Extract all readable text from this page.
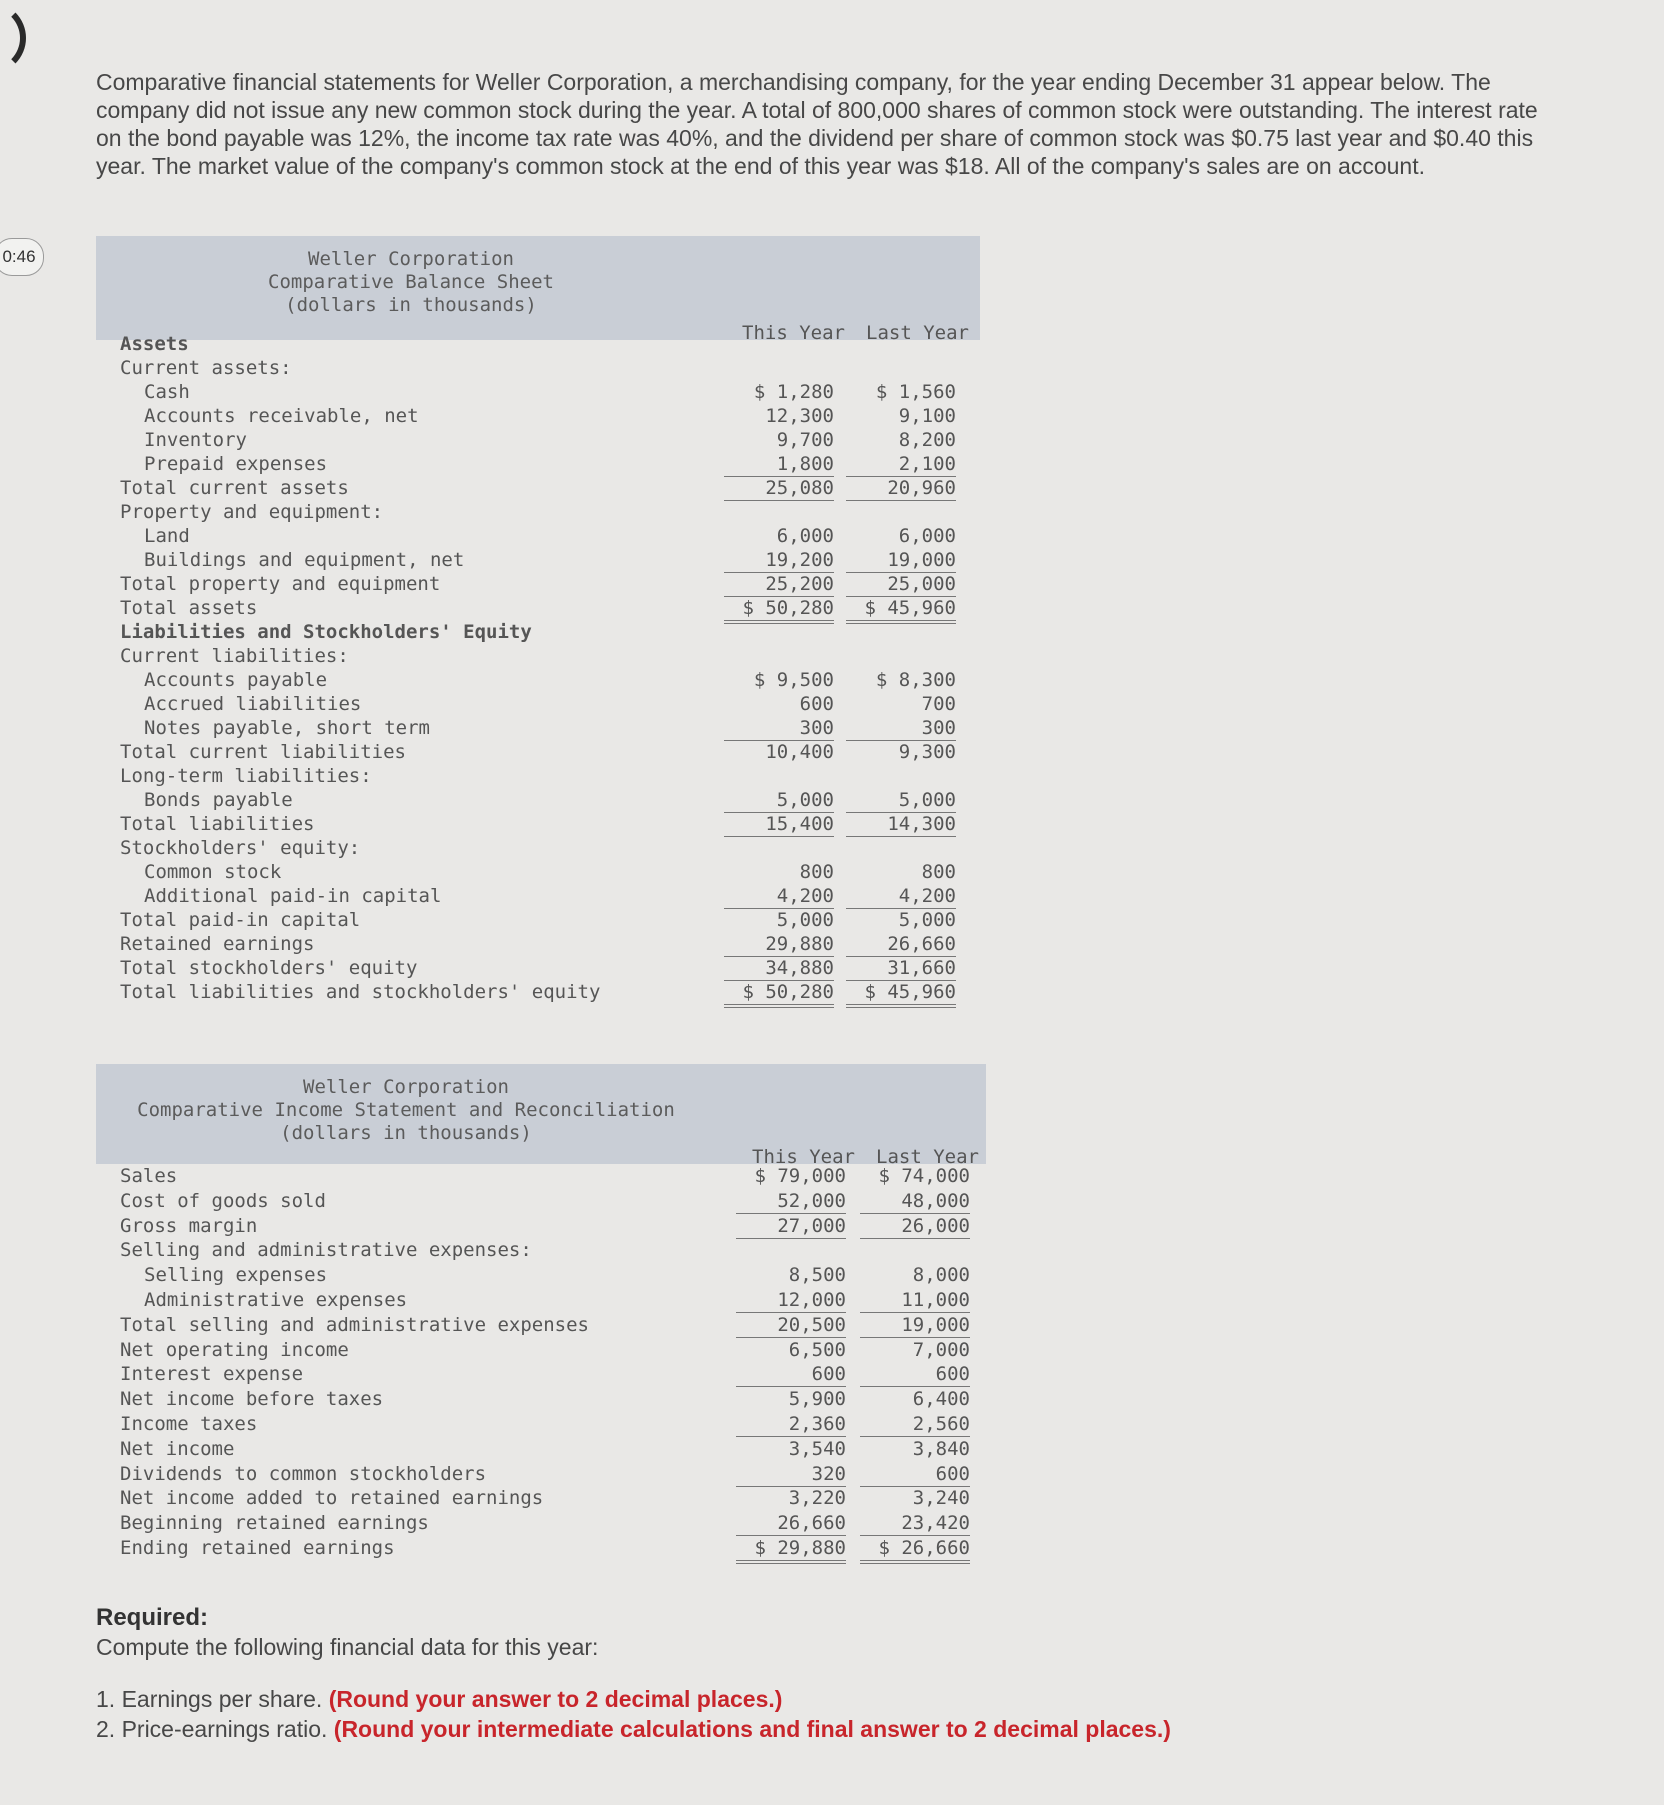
0:46
Comparative financial statements for Weller Corporation, a merchandising company, for the year ending December 31 appear below. The company did not issue any new common stock during the year. A total of 800,000 shares of common stock were outstanding. The interest rate on the bond payable was 12%, the income tax rate was 40%, and the dividend per share of common stock was $0.75 last year and $0.40 this year. The market value of the company's common stock at the end of this year was $18. All of the company's sales are on account.
Weller Corporation
Comparative Balance Sheet
(dollars in thousands)
This Year Last Year
Assets
Current assets:
Cash	$ 1,280	$ 1,560
Accounts receivable, net	12,300	9,100
Inventory	9,700	8,200
Prepaid expenses	1,800	2,100
Total current assets	25,080	20,960
Property and equipment:
Land	6,000	6,000
Buildings and equipment, net	19,200	19,000
Total property and equipment	25,200	25,000
Total assets	$ 50,280	$ 45,960
Liabilities and Stockholders' Equity
Current liabilities:
Accounts payable	$ 9,500	$ 8,300
Accrued liabilities	600	700
Notes payable, short term	300	300
Total current liabilities	10,400	9,300
Long-term liabilities:
Bonds payable	5,000	5,000
Total liabilities	15,400	14,300
Stockholders' equity:
Common stock	800	800
Additional paid-in capital	4,200	4,200
Total paid-in capital	5,000	5,000
Retained earnings	29,880	26,660
Total stockholders' equity	34,880	31,660
Total liabilities and stockholders' equity	$ 50,280	$ 45,960
Weller Corporation
Comparative Income Statement and Reconciliation
(dollars in thousands)
This Year Last Year
Sales	$ 79,000	$ 74,000
Cost of goods sold	52,000	48,000
Gross margin	27,000	26,000
Selling and administrative expenses:
Selling expenses	8,500	8,000
Administrative expenses	12,000	11,000
Total selling and administrative expenses	20,500	19,000
Net operating income	6,500	7,000
Interest expense	600	600
Net income before taxes	5,900	6,400
Income taxes	2,360	2,560
Net income	3,540	3,840
Dividends to common stockholders	320	600
Net income added to retained earnings	3,220	3,240
Beginning retained earnings	26,660	23,420
Ending retained earnings	$ 29,880	$ 26,660
Required:
Compute the following financial data for this year:
1. Earnings per share. (Round your answer to 2 decimal places.)
2. Price-earnings ratio. (Round your intermediate calculations and final answer to 2 decimal places.)
